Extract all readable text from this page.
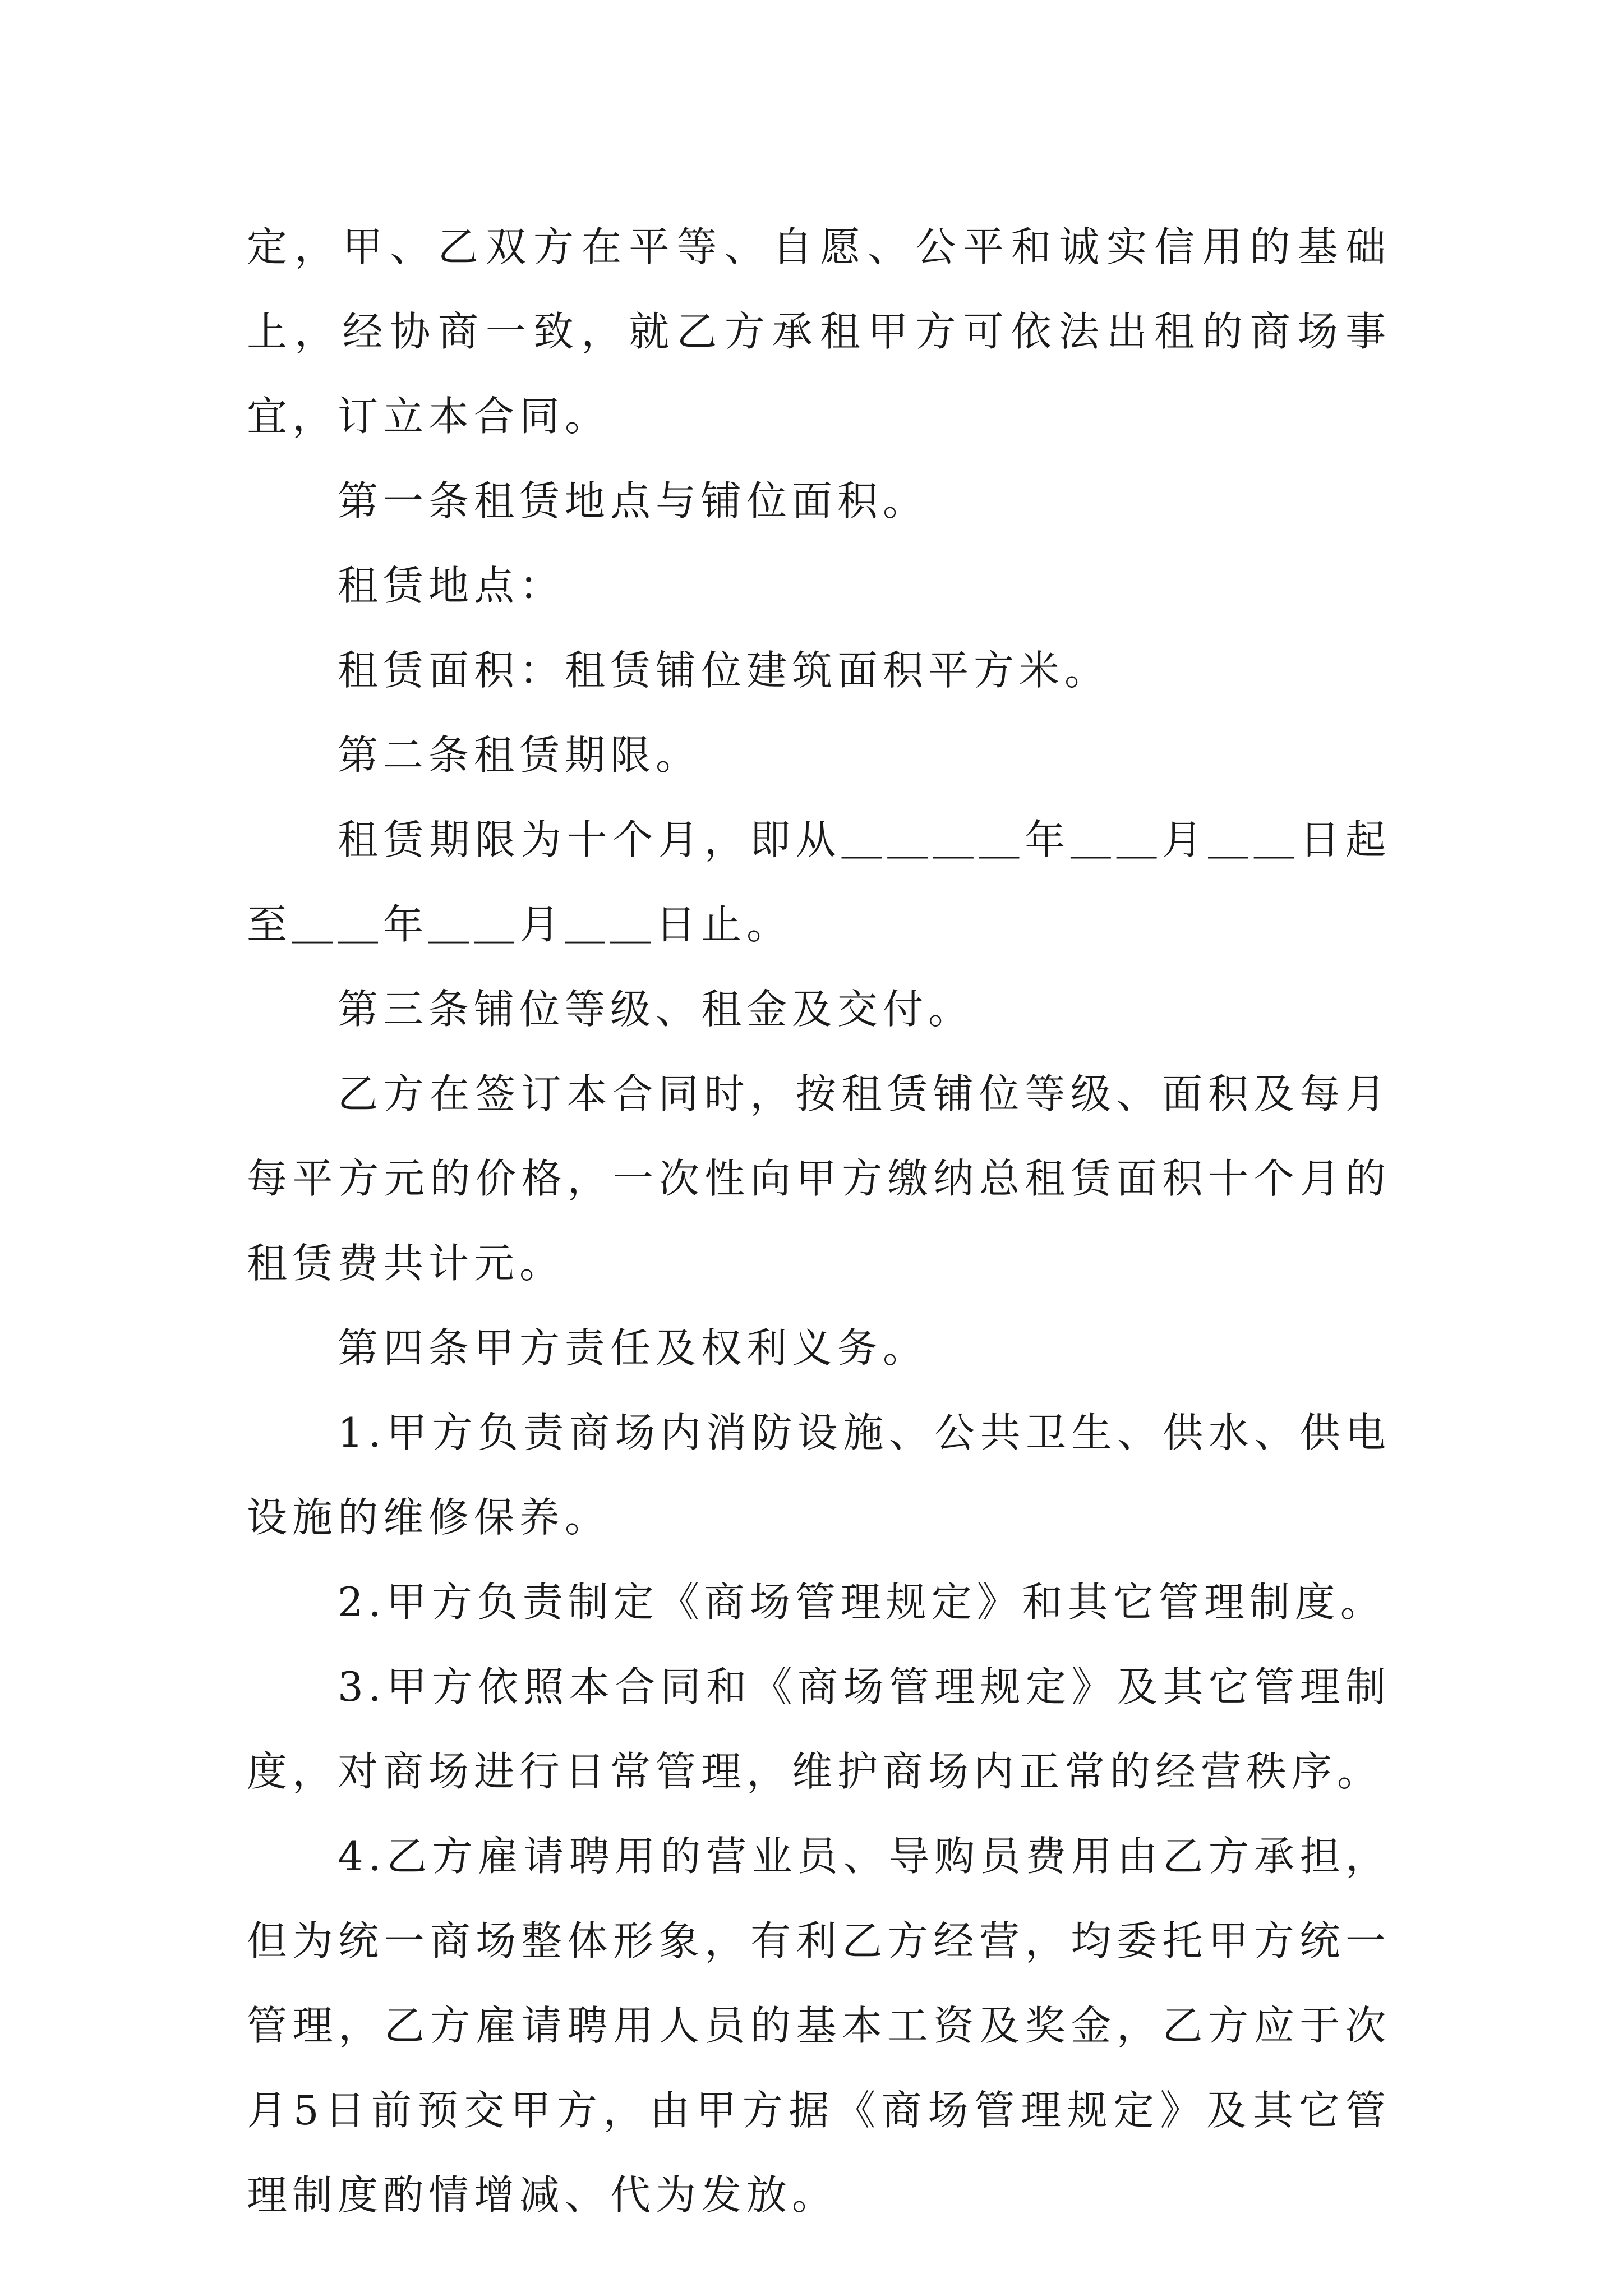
定，甲、乙双方在平等、自愿、公平和诚实信用的基础上，经协商一致，就乙方承租甲方可依法出租的商场事宜，订立本合同。

第一条租赁地点与铺位面积。

租赁地点：

租赁面积：租赁铺位建筑面积平方米。

第二条租赁期限。

租赁期限为十个月，即从＿＿＿＿年＿＿月＿＿日起至＿＿年＿＿月＿＿日止。

第三条铺位等级、租金及交付。

乙方在签订本合同时，按租赁铺位等级、面积及每月每平方元的价格，一次性向甲方缴纳总租赁面积十个月的租赁费共计元。

第四条甲方责任及权利义务。

1.甲方负责商场内消防设施、公共卫生、供水、供电设施的维修保养。

2.甲方负责制定《商场管理规定》和其它管理制度。

3.甲方依照本合同和《商场管理规定》及其它管理制度，对商场进行日常管理，维护商场内正常的经营秩序。

4.乙方雇请聘用的营业员、导购员费用由乙方承担，但为统一商场整体形象，有利乙方经营，均委托甲方统一管理，乙方雇请聘用人员的基本工资及奖金，乙方应于次月5日前预交甲方，由甲方据《商场管理规定》及其它管理制度酌情增减、代为发放。
